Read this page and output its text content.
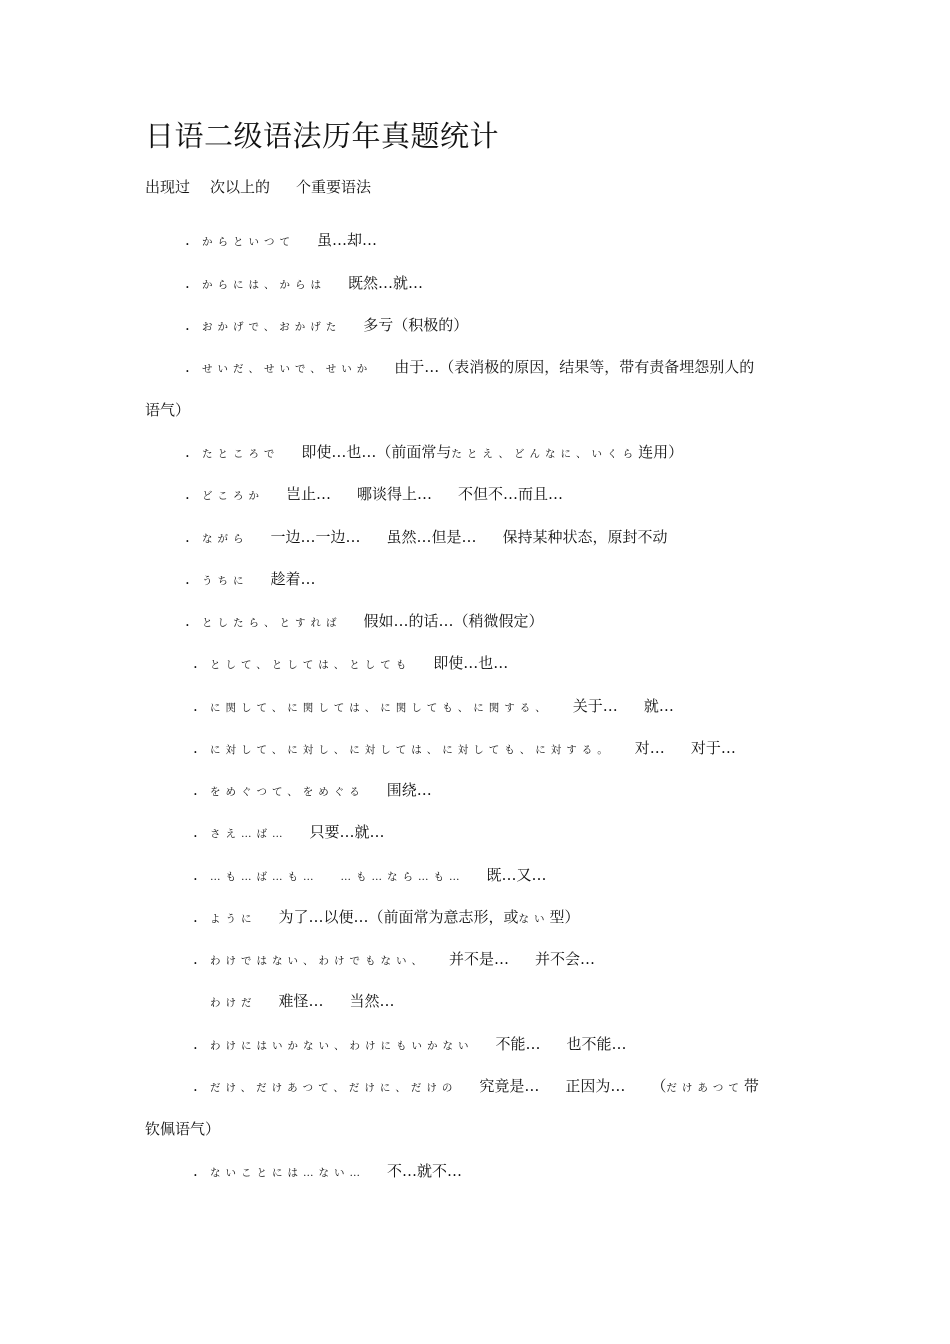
日语二级语法历年真题统计
出现过 次以上的 个重要语法
. からといつて 虽…却…
. からには、からは 既然…就…
. おかげで、おかげた 多亏（积极的）
. せいだ、せいで、せいか 由于…（表消极的原因，结果等，带有责备埋怨别人的
语气）
. たところで 即使…也…（前面常与たとえ、どんなに、いくら连用）
. どころか 岂止… 哪谈得上… 不但不…而且…
. ながら 一边…一边… 虽然…但是… 保持某种状态，原封不动
. うちに 趁着…
. としたら、とすれば 假如…的话…（稍微假定）
. として、としては、としても 即使…也…
. に関して、に関しては、に関しても、に関する、 关于… 就…
. に対して、に対し、に対しては、に対しても、に対する。 对… 对于…
. をめぐつて、をめぐる 围绕…
. さえ…ば… 只要…就…
. …も…ば…も… …も…なら…も… 既…又…
. ように 为了…以便…（前面常为意志形，或ない型）
. わけではない、わけでもない、 并不是… 并不会…
わけだ 难怪… 当然…
. わけにはいかない、わけにもいかない 不能… 也不能…
. だけ、だけあつて、だけに、だけの 究竟是… 正因为… （だけあつて带
钦佩语气）
. ないことには…ない… 不…就不…
